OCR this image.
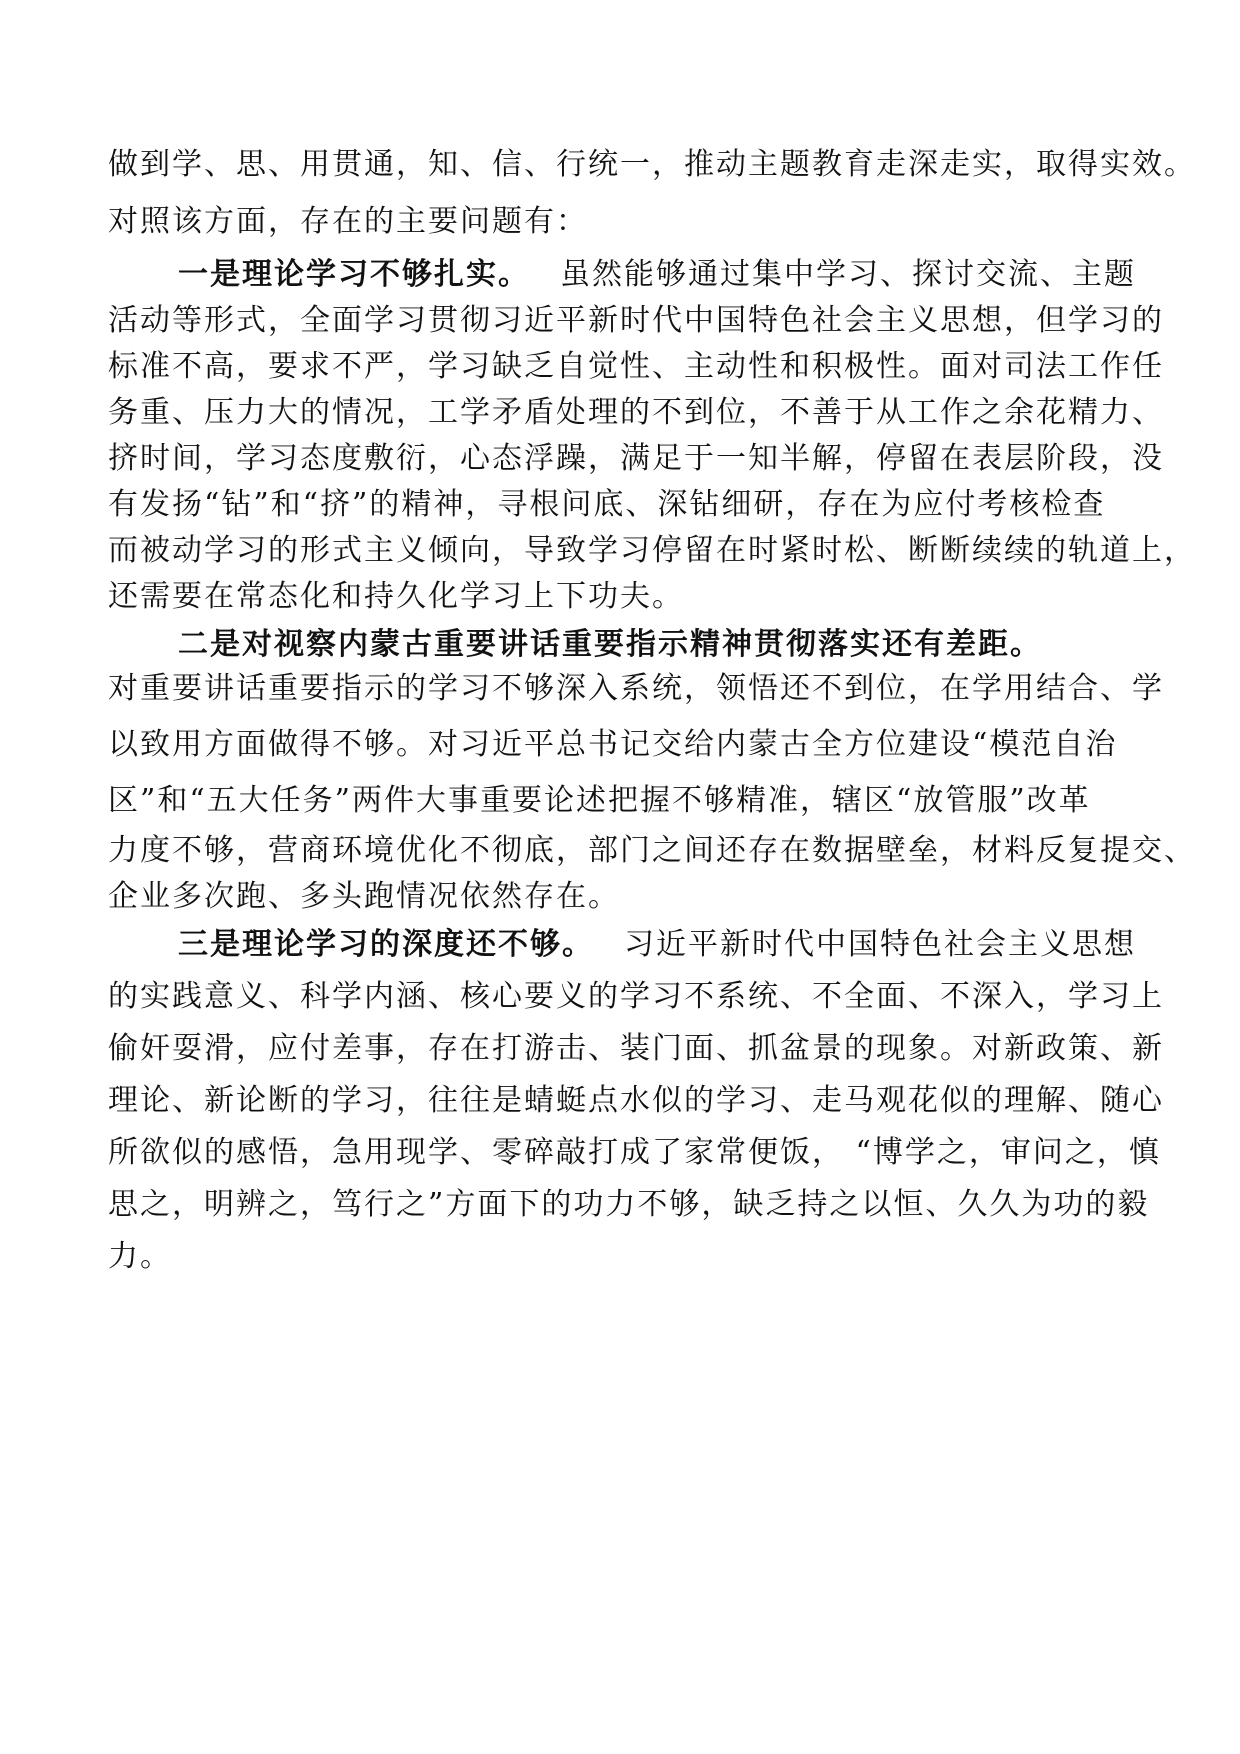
做到学、思、用贯通，知、信、行统一，推动主题教育走深走实，取得实效。
对照该方面，存在的主要问题有：
一是理论学习不够扎实。 虽然能够通过集中学习、探讨交流、主题
活动等形式，全面学习贯彻习近平新时代中国特色社会主义思想，但学习的
标准不高，要求不严，学习缺乏自觉性、主动性和积极性。面对司法工作任
务重、压力大的情况，工学矛盾处理的不到位，不善于从工作之余花精力、
挤时间，学习态度敷衍，心态浮躁，满足于一知半解，停留在表层阶段，没
有发扬“钻”和“挤”的精神，寻根问底、深钻细研，存在为应付考核检查
而被动学习的形式主义倾向，导致学习停留在时紧时松、断断续续的轨道上，
还需要在常态化和持久化学习上下功夫。
二是对视察内蒙古重要讲话重要指示精神贯彻落实还有差距。
对重要讲话重要指示的学习不够深入系统，领悟还不到位，在学用结合、学
以致用方面做得不够。对习近平总书记交给内蒙古全方位建设“模范自治
区”和“五大任务”两件大事重要论述把握不够精准，辖区“放管服”改革
力度不够，营商环境优化不彻底，部门之间还存在数据壁垒，材料反复提交、
企业多次跑、多头跑情况依然存在。
三是理论学习的深度还不够。 习近平新时代中国特色社会主义思想
的实践意义、科学内涵、核心要义的学习不系统、不全面、不深入，学习上
偷奸耍滑，应付差事，存在打游击、装门面、抓盆景的现象。对新政策、新
理论、新论断的学习，往往是蜻蜓点水似的学习、走马观花似的理解、随心
所欲似的感悟，急用现学、零碎敲打成了家常便饭， “博学之，审问之，慎
思之，明辨之，笃行之”方面下的功力不够，缺乏持之以恒、久久为功的毅
力。
